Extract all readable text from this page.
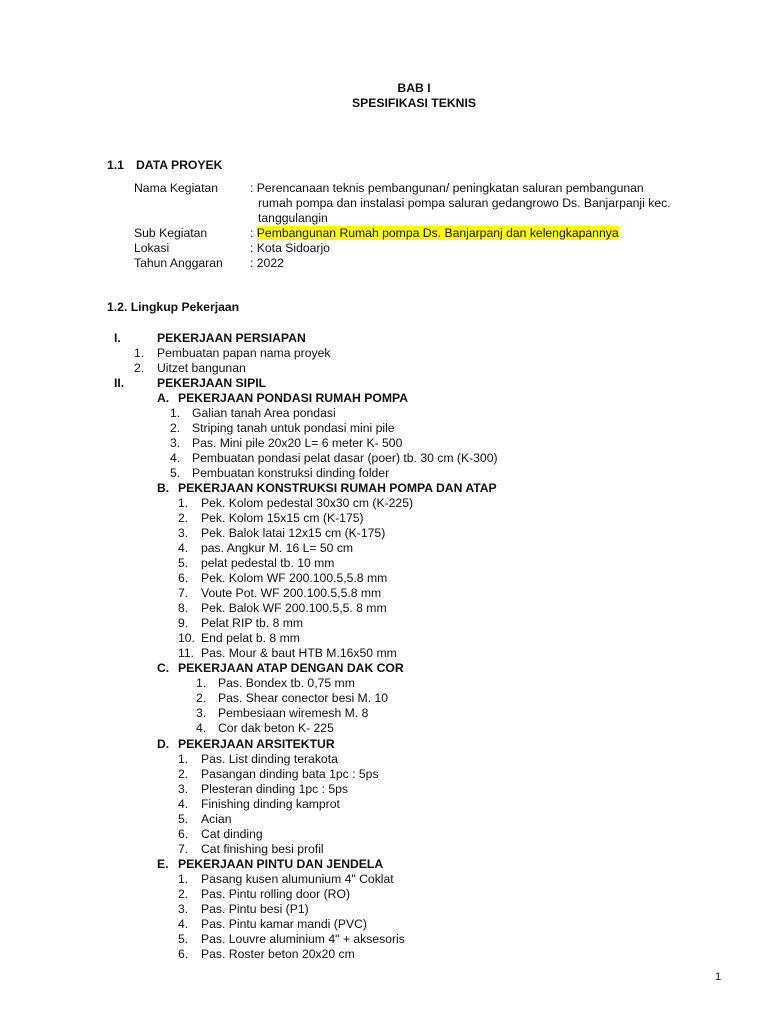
BAB I
SPESIFIKASI TEKNIS
1.1 DATA PROYEK
Nama Kegiatan	: Perencanaan teknis pembangunan/ peningkatan saluran pembangunan
rumah pompa dan instalasi pompa saluran gedangrowo Ds. Banjarpanji kec.
tanggulangin
Sub Kegiatan	: Pembangunan Rumah pompa Ds. Banjarpanj dan kelengkapannya
Lokasi	: Kota Sidoarjo
Tahun Anggaran : 2022
1.2. Lingkup Pekerjaan
I.	PEKERJAAN PERSIAPAN
1. Pembuatan papan nama proyek
2. Uitzet bangunan
II.	PEKERJAAN SIPIL
A. PEKERJAAN PONDASI RUMAH POMPA
1. Galian tanah Area pondasi
2. Striping tanah untuk pondasi mini pile
3. Pas. Mini pile 20x20 L= 6 meter K- 500
4. Pembuatan pondasi pelat dasar (poer) tb. 30 cm (K-300)
5. Pembuatan konstruksi dinding folder
B. PEKERJAAN KONSTRUKSI RUMAH POMPA DAN ATAP
1. Pek. Kolom pedestal 30x30 cm (K-225)
2. Pek. Kolom 15x15 cm (K-175)
3. Pek. Balok latai 12x15 cm (K-175)
4. pas. Angkur M. 16 L= 50 cm
5. pelat pedestal tb. 10 mm
6. Pek. Kolom WF 200.100.5,5.8 mm
7. Voute Pot. WF 200.100.5,5.8 mm
8. Pek. Balok WF 200.100.5,5. 8 mm
9. Pelat RIP tb. 8 mm
10. End pelat b. 8 mm
11. Pas. Mour & baut HTB M.16x50 mm
C. PEKERJAAN ATAP DENGAN DAK COR
1. Pas. Bondex tb. 0,75 mm
2. Pas. Shear conector besi M. 10
3. Pembesiaan wiremesh M. 8
4. Cor dak beton K- 225
D. PEKERJAAN ARSITEKTUR
1. Pas. List dinding terakota
2. Pasangan dinding bata 1pc : 5ps
3. Plesteran dinding 1pc : 5ps
4. Finishing dinding kamprot
5. Acian
6. Cat dinding
7. Cat finishing besi profil
E. PEKERJAAN PINTU DAN JENDELA
1. Pasang kusen alumunium 4" Coklat
2. Pas. Pintu rolling door (RO)
3. Pas. Pintu besi (P1)
4. Pas. Pintu kamar mandi (PVC)
5. Pas. Louvre aluminium 4" + aksesoris
6. Pas. Roster beton 20x20 cm
1
